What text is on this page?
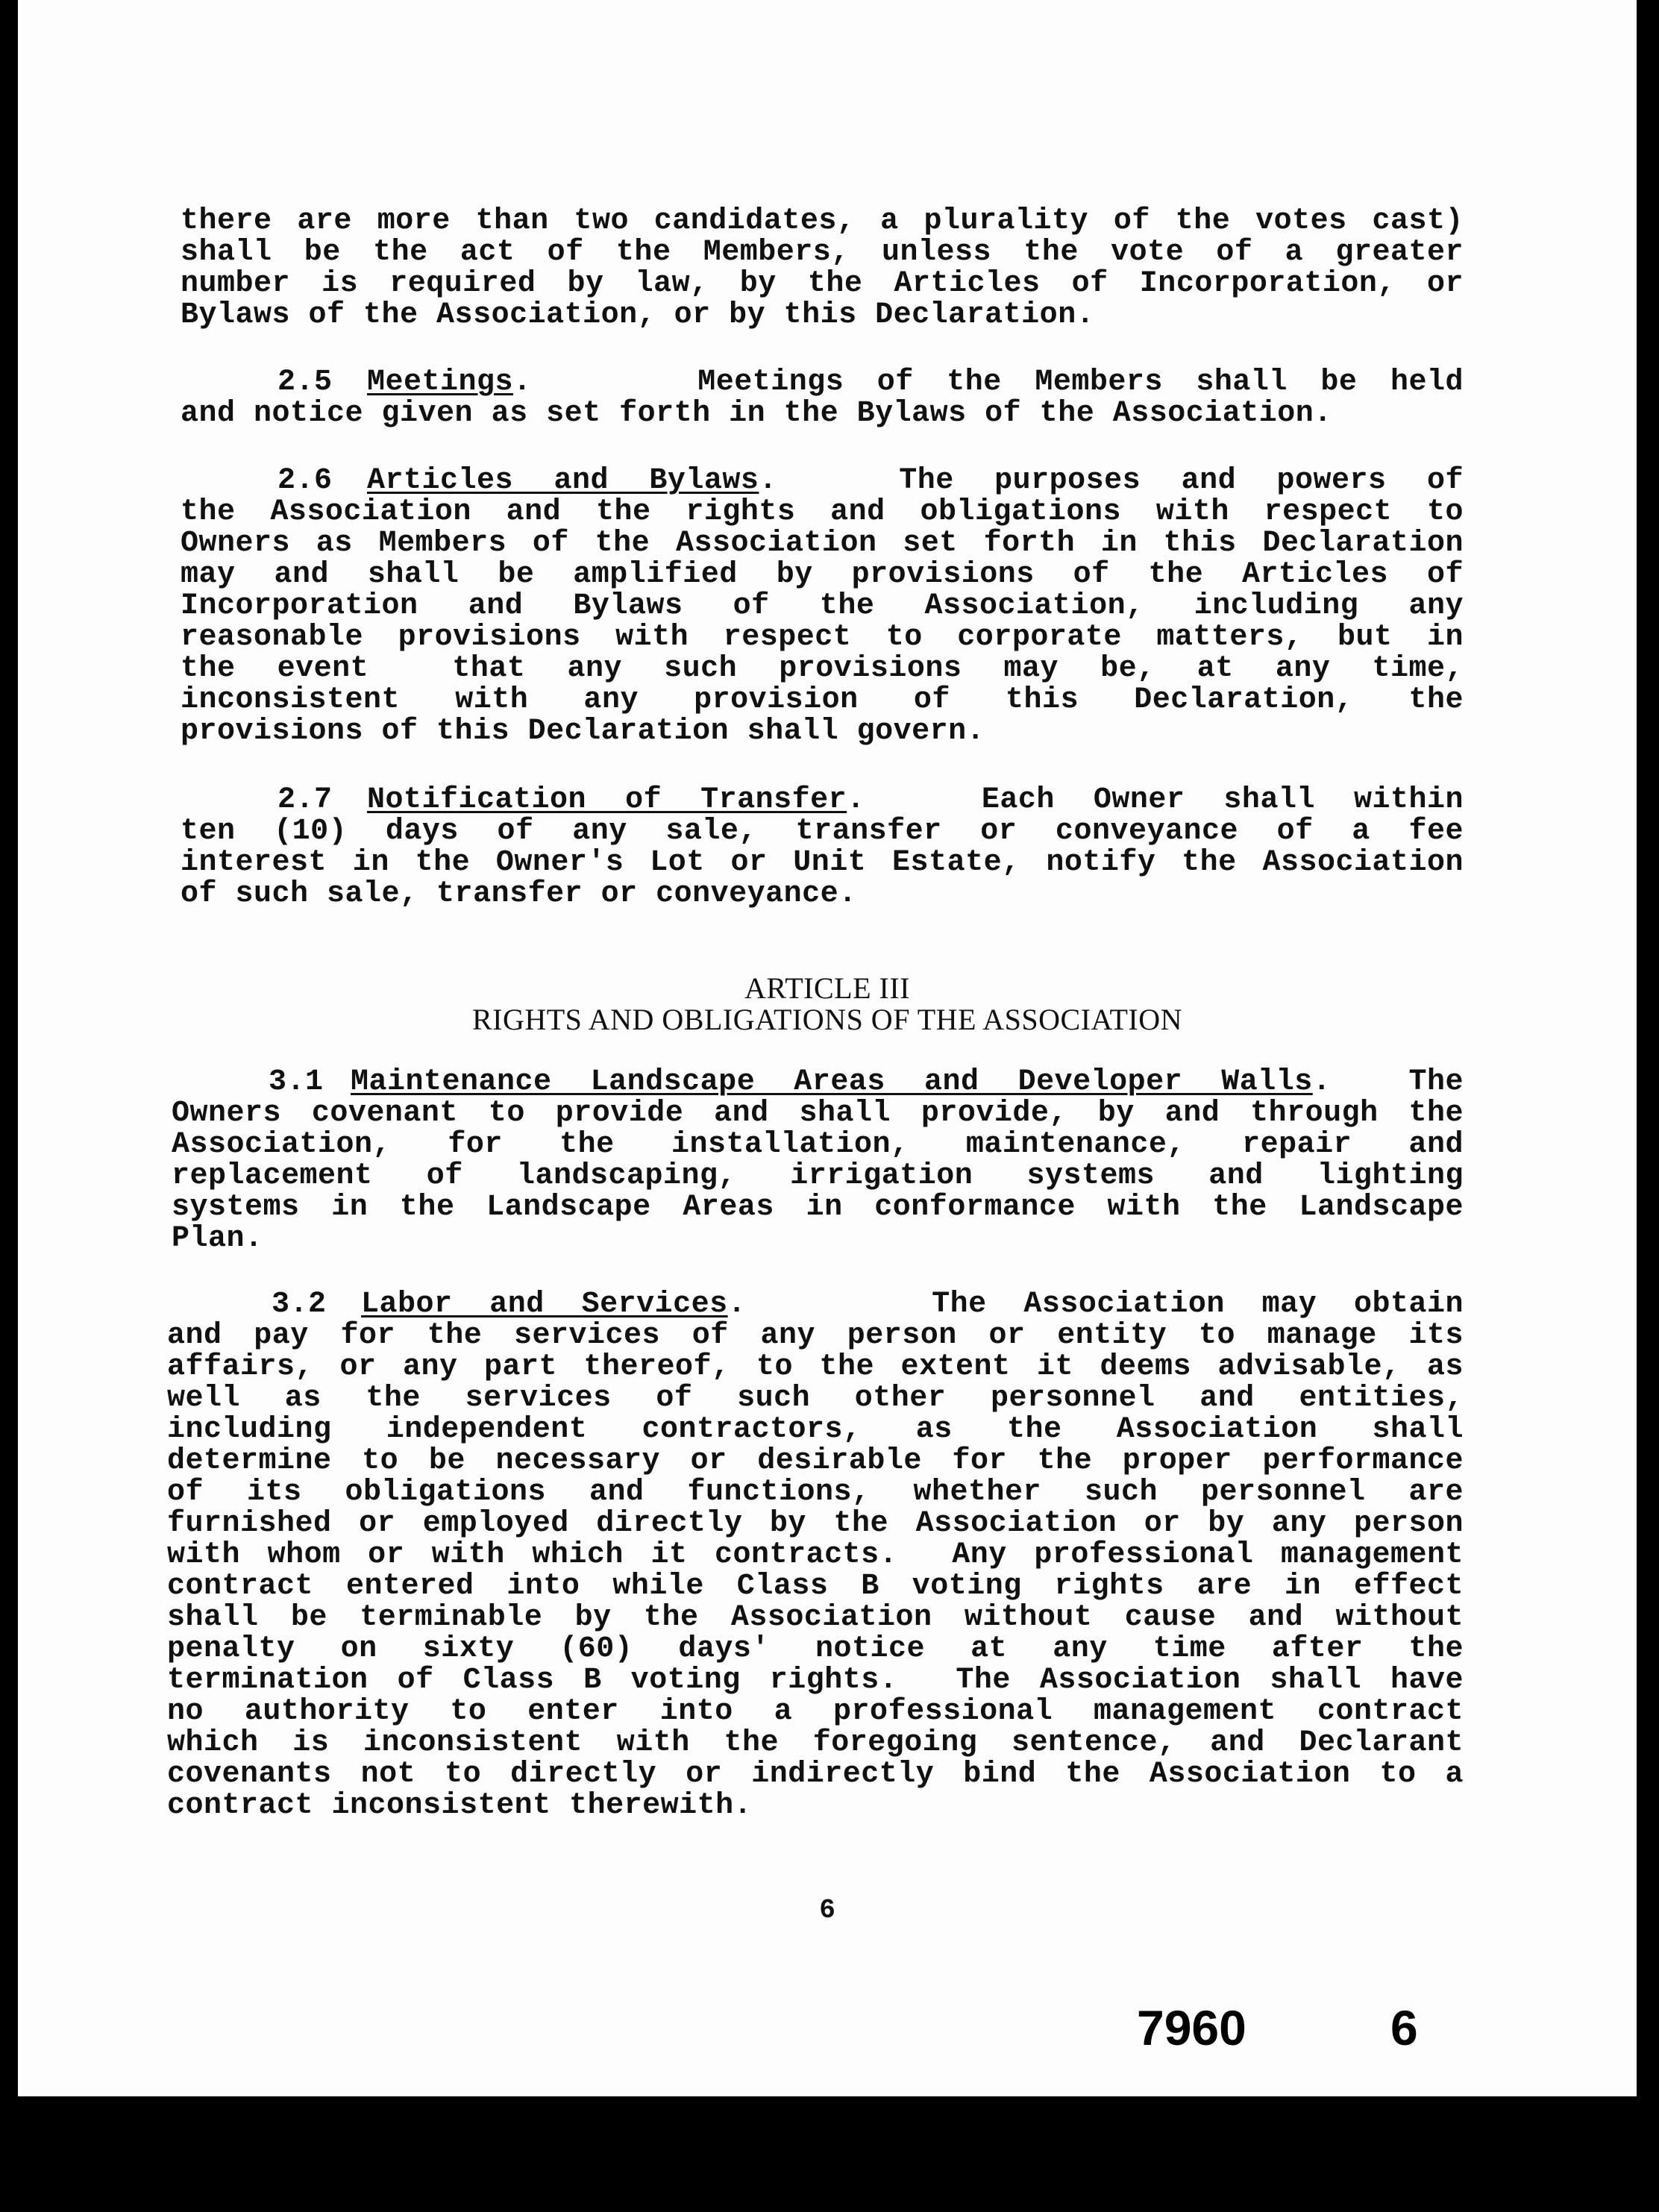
there are more than two candidates, a plurality of the votes cast)
shall be the act of the Members, unless the vote of a greater
number is required by law, by the Articles of Incorporation, or
Bylaws of the Association, or by this Declaration.
2.5 Meetings.     Meetings of the Members shall be held
and notice given as set forth in the Bylaws of the Association.
2.6 Articles and Bylaws.   The purposes and powers of
the Association and the rights and obligations with respect to
Owners as Members of the Association set forth in this Declaration
may and shall be amplified by provisions of the Articles of
Incorporation and Bylaws of the Association, including any
reasonable provisions with respect to corporate matters, but in
the event  that any such provisions may be, at any time,
inconsistent with any provision of this Declaration, the
provisions of this Declaration shall govern.
2.7 Notification of Transfer.   Each Owner shall within
ten (10) days of any sale, transfer or conveyance of a fee
interest in the Owner's Lot or Unit Estate, notify the Association
of such sale, transfer or conveyance.
ARTICLE III
RIGHTS AND OBLIGATIONS OF THE ASSOCIATION
3.1 Maintenance Landscape Areas and Developer Walls.  The
Owners covenant to provide and shall provide, by and through the
Association, for the installation, maintenance, repair and
replacement of landscaping, irrigation systems and lighting
systems in the Landscape Areas in conformance with the Landscape
Plan.
3.2 Labor and Services.     The Association may obtain
and pay for the services of any person or entity to manage its
affairs, or any part thereof, to the extent it deems advisable, as
well as the services of such other personnel and entities,
including independent contractors, as the Association shall
determine to be necessary or desirable for the proper performance
of its obligations and functions, whether such personnel are
furnished or employed directly by the Association or by any person
with whom or with which it contracts.  Any professional management
contract entered into while Class B voting rights are in effect
shall be terminable by the Association without cause and without
penalty on sixty (60) days' notice at any time after the
termination of Class B voting rights.  The Association shall have
no authority to enter into a professional management contract
which is inconsistent with the foregoing sentence, and Declarant
covenants not to directly or indirectly bind the Association to a
contract inconsistent therewith.
6
7960	6
